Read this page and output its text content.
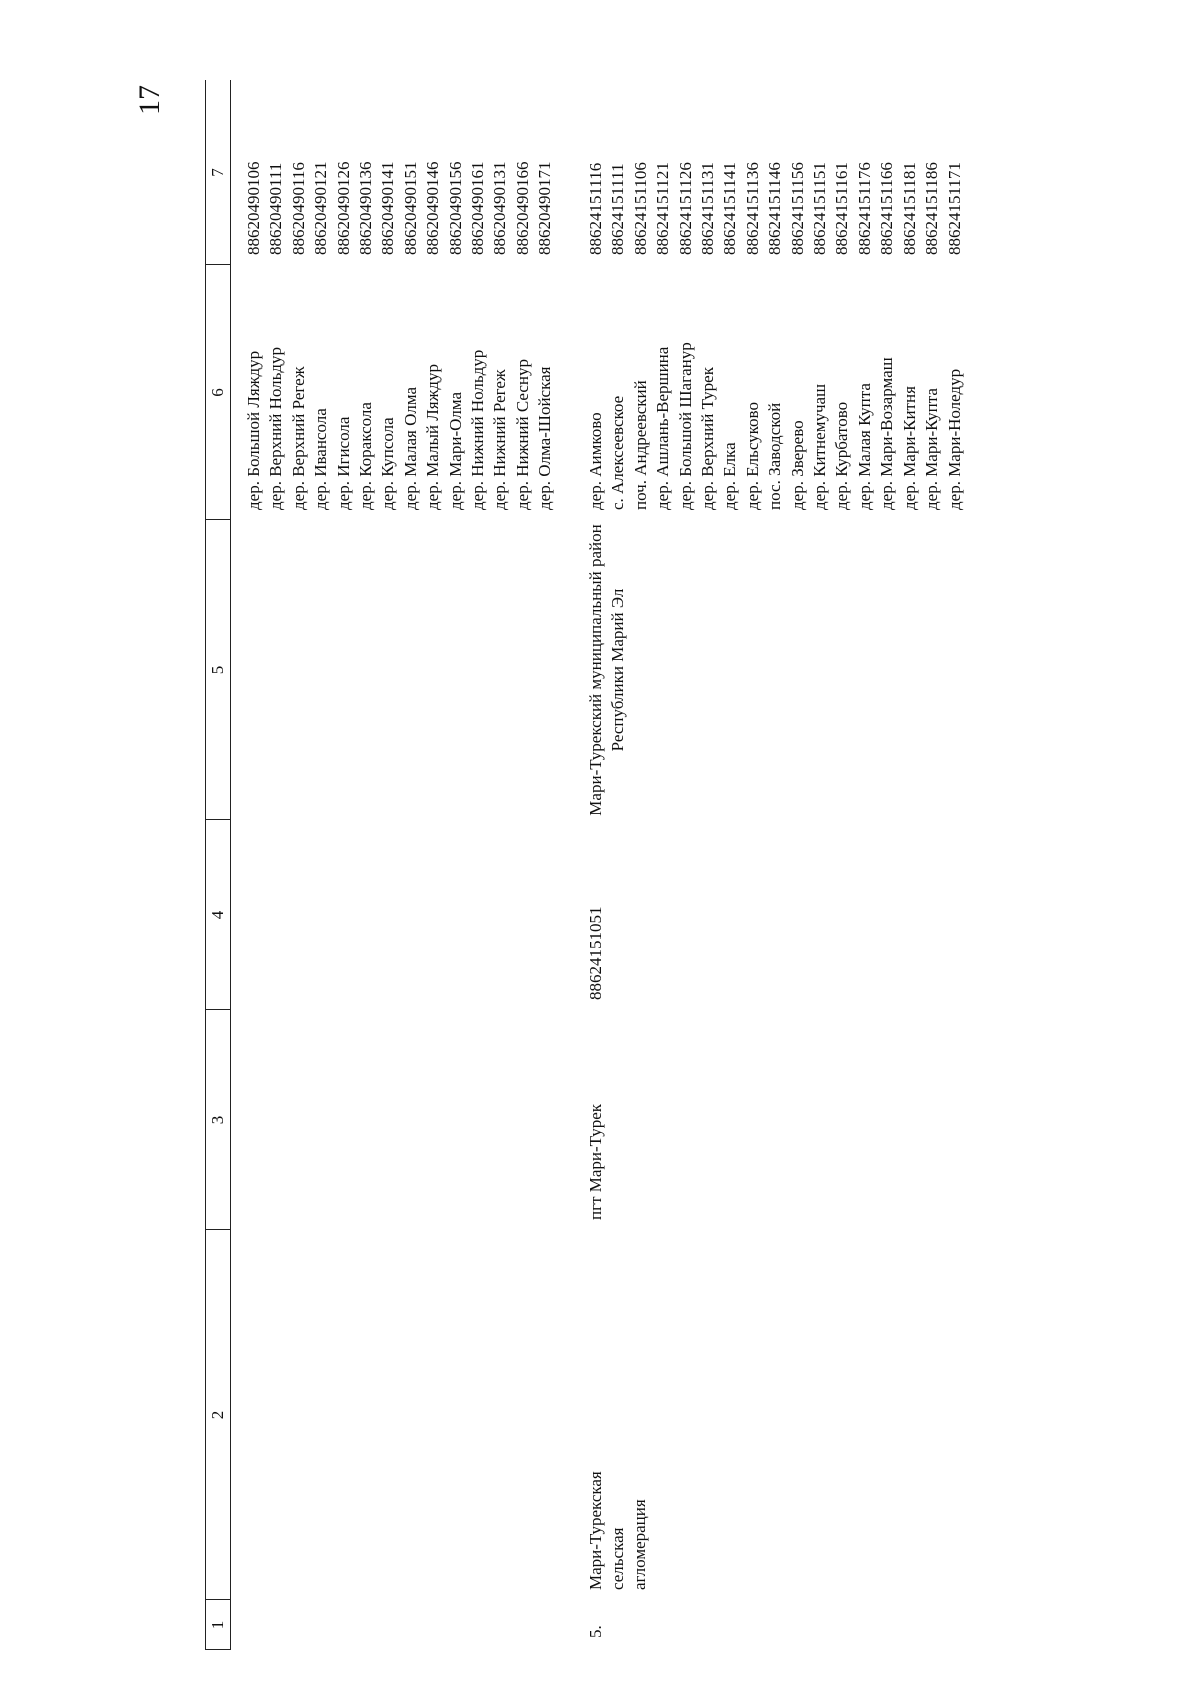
17
1
2
3
4
5
6
7
дер. Большой Ляждур дер. Верхний Нольдур дер. Верхний Регеж дер. Ивансола дер. Игисола дер. Кораксола дер. Купсола дер. Малая Олма дер. Малый Ляждур дер. Мари-Олма дер. Нижний Нольдур дер. Нижний Регеж дер. Нижний Сеснур дер. Олма-Шойская
88620490106 88620490111 88620490116 88620490121 88620490126 88620490136 88620490141 88620490151 88620490146 88620490156 88620490161 88620490131 88620490166 88620490171
5.
Мари-Турекская сельская агломерация
пгт Мари-Турек
88624151051
Мари-Турекский муниципальный район Республики Марий Эл
дер. Аимково с. Алексеевское поч. Андреевский дер. Ашлань-Вершина дер. Большой Шаганур дер. Верхний Турек дер. Елка дер. Ельсуково пос. Заводской дер. Зверево дер. Китнемучаш дер. Курбатово дер. Малая Купта дер. Мари-Возармаш дер. Мари-Китня дер. Мари-Купта дер. Мари-Ноледур
88624151116 88624151111 88624151106 88624151121 88624151126 88624151131 88624151141 88624151136 88624151146 88624151156 88624151151 88624151161 88624151176 88624151166 88624151181 88624151186 88624151171
